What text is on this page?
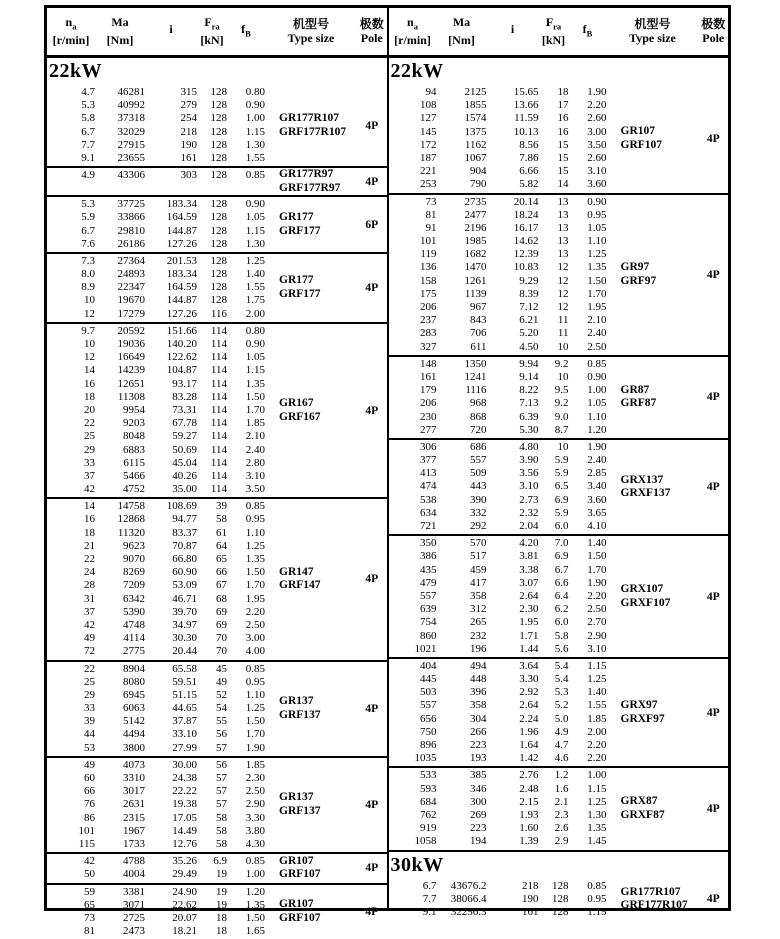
$n_a$
[r/min]
Ma
[Nm]
i	$F_{ra}$
[kN]
$f_B$
机型号
Type size
极数
Pole
22kW
4.7	46281	315	128	0.80
5.3	40992	279	128	0.90
5.8	37318	254	128	1.00
6.7	32029	218	128	1.15
7.7	27915	190	128	1.30
9.1	23655	161	128	1.55
GR177R107
GRF177R107	4P
4.9	43306	303	128	0.85 GR177R97
GRF177R97	4P
5.3	37725	183.34	128	0.90
5.9	33866	164.59	128	1.05
6.7	29810	144.87	128	1.15
7.6	26186	127.26	128	1.30
GR177
GRF177	6P
7.3	27364	201.53	128	1.25
8.0	24893	183.34	128	1.40
8.9	22347	164.59	128	1.55
10	19670	144.87	128	1.75
12	17279	127.26	116	2.00
GR177
GRF177	4P
9.7	20592	151.66	114	0.80
10	19036	140.20	114	0.90
12	16649	122.62	114	1.05
14	14239	104.87	114	1.15
16	12651	93.17	114	1.35
18	11308	83.28	114	1.50
20	9954	73.31	114	1.70
22	9203	67.78	114	1.85
25	8048	59.27	114	2.10
29	6883	50.69	114	2.40
33	6115	45.04	114	2.80
37	5466	40.26	114	3.10
42	4752	35.00	114	3.50
GR167
GRF167	4P
14	14758	108.69	39	0.85
16	12868	94.77	58	0.95
18	11320	83.37	61	1.10
21	9623	70.87	64	1.25
22	9070	66.80	65	1.35
24	8269	60.90	66	1.50
28	7209	53.09	67	1.70
31	6342	46.71	68	1.95
37	5390	39.70	69	2.20
42	4748	34.97	69	2.50
49	4114	30.30	70	3.00
72	2775	20.44	70	4.00
GR147
GRF147	4P
22	8904	65.58	45	0.85
25	8080	59.51	49	0.95
29	6945	51.15	52	1.10
33	6063	44.65	54	1.25
39	5142	37.87	55	1.50
44	4494	33.10	56	1.70
53	3800	27.99	57	1.90
GR137
GRF137	4P
49	4073	30.00	56	1.85
60	3310	24.38	57	2.30
66	3017	22.22	57	2.50
76	2631	19.38	57	2.90
86	2315	17.05	58	3.30
101	1967	14.49	58	3.80
115	1733	12.76	58	4.30
GR137
GRF137	4P
42	4788	35.26	6.9	0.85
50	4004	29.49	19	1.00
GR107
GRF107	4P
59	3381	24.90	19	1.20
65	3071	22.62	19	1.35
73	2725	20.07	18	1.50
81	2473	18.21	18	1.65
GR107
GRF107	4P
$n_a$
[r/min]
Ma
[Nm]
i	$F_{ra}$
[kN]
$f_B$
机型号
Type size
极数
Pole
22kW
94	2125	15.65	18	1.90
108	1855	13.66	17	2.20
127	1574	11.59	16	2.60
145	1375	10.13	16	3.00
172	1162	8.56	15	3.50
187	1067	7.86	15	2.60
221	904	6.66	15	3.10
253	790	5.82	14	3.60
GR107
GRF107	4P
73	2735	20.14	13	0.90
81	2477	18.24	13	0.95
91	2196	16.17	13	1.05
101	1985	14.62	13	1.10
119	1682	12.39	13	1.25
136	1470	10.83	12	1.35
158	1261	9.29	12	1.50
175	1139	8.39	12	1.70
206	967	7.12	12	1.95
237	843	6.21	11	2.10
283	706	5.20	11	2.40
327	611	4.50	10	2.50
GR97
GRF97	4P
148	1350	9.94	9.2	0.85
161	1241	9.14	10	0.90
179	1116	8.22	9.5	1.00
206	968	7.13	9.2	1.05
230	868	6.39	9.0	1.10
277	720	5.30	8.7	1.20
GR87
GRF87	4P
306	686	4.80	10	1.90
377	557	3.90	5.9	2.40
413	509	3.56	5.9	2.85
474	443	3.10	6.5	3.40
538	390	2.73	6.9	3.60
634	332	2.32	5.9	3.65
721	292	2.04	6.0	4.10
GRX137
GRXF137	4P
350	570	4.20	7.0	1.40
386	517	3.81	6.9	1.50
435	459	3.38	6.7	1.70
479	417	3.07	6.6	1.90
557	358	2.64	6.4	2.20
639	312	2.30	6.2	2.50
754	265	1.95	6.0	2.70
860	232	1.71	5.8	2.90
1021	196	1.44	5.6	3.10
GRX107
GRXF107	4P
404	494	3.64	5.4	1.15
445	448	3.30	5.4	1.25
503	396	2.92	5.3	1.40
557	358	2.64	5.2	1.55
656	304	2.24	5.0	1.85
750	266	1.96	4.9	2.00
896	223	1.64	4.7	2.20
1035	193	1.42	4.6	2.20
GRX97
GRXF97	4P
533	385	2.76	1.2	1.00
593	346	2.48	1.6	1.15
684	300	2.15	2.1	1.25
762	269	1.93	2.3	1.30
919	223	1.60	2.6	1.35
1058	194	1.39	2.9	1.45
GRX87
GRXF87	4P
30kW
6.7	43676.2	218	128	0.85
7.7	38066.4	190	128	0.95
9.1	32256.3	161	128	1.15
GR177R107
GRF177R107	4P
